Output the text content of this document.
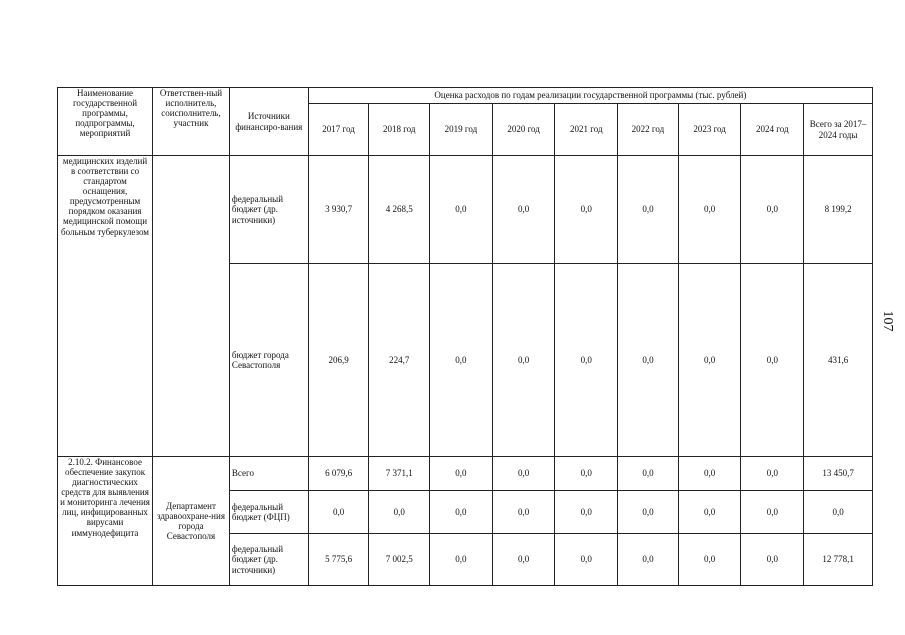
Наименование государственной программы, подпрограммы, мероприятий	Ответствен-ный исполнитель, соисполнитель, участник	Источники финансиро-вания	Оценка расходов по годам реализации государственной программы (тыс. рублей)								
			2017 год	2018 год	2019 год	2020 год	2021 год	2022 год	2023 год	2024 год	Всего за 2017–2024 годы
медицинских изделий в соответствии со стандартом оснащения, предусмотренным порядком оказания медицинской помощи больным туберкулезом		федеральный бюджет (др. источники)	3 930,7	4 268,5	0,0	0,0	0,0	0,0	0,0	0,0	8 199,2
		бюджет города Севастополя	206,9	224,7	0,0	0,0	0,0	0,0	0,0	0,0	431,6
2.10.2. Финансовое обеспечение закупок диагностических средств для выявления и мониторинга лечения лиц, инфицированных вирусами иммунодефицита	Департамент здравоохране-ния города Севастополя	Всего	6 079,6	7 371,1	0,0	0,0	0,0	0,0	0,0	0,0	13 450,7
		федеральный бюджет (ФЦП)	0,0	0,0	0,0	0,0	0,0	0,0	0,0	0,0	0,0
		федеральный бюджет (др. источники)	5 775,6	7 002,5	0,0	0,0	0,0	0,0	0,0	0,0	12 778,1
107
